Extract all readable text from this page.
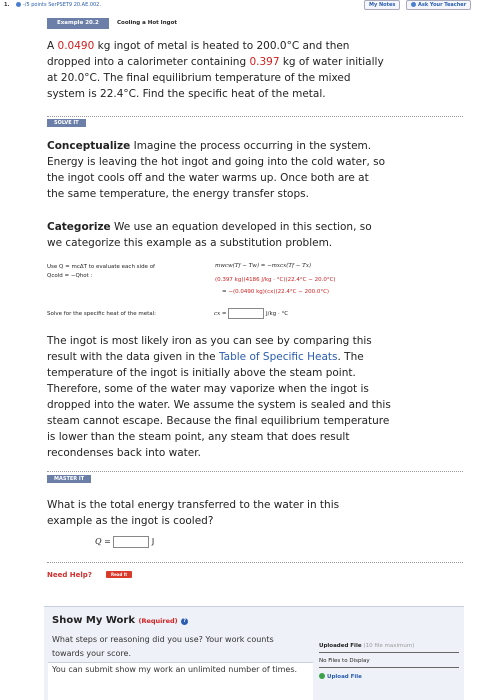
1.	-/5 points SerPSET9 20.AE.002.	My Notes	Ask Your Teacher
Example 20.2	Cooling a Hot Ingot
A 0.0490 kg ingot of metal is heated to 200.0°C and then dropped into a calorimeter containing 0.397 kg of water initially at 20.0°C. The final equilibrium temperature of the mixed system is 22.4°C. Find the specific heat of the metal.
SOLVE IT
Conceptualize Imagine the process occurring in the system. Energy is leaving the hot ingot and going into the cold water, so the ingot cools off and the water warms up. Once both are at the same temperature, the energy transfer stops.
Categorize We use an equation developed in this section, so we categorize this example as a substitution problem.
Use Q = mcΔT to evaluate each side of
Qcold = −Qhot :
mwcw(Tf − Tw) = −mxcx(Tf − Tx)
(0.397 kg)(4186 J/kg · °C)(22.4°C − 20.0°C)
= −(0.0490 kg)(cx)(22.4°C − 200.0°C)
Solve for the specific heat of the metal:	cx =	J/kg · °C
The ingot is most likely iron as you can see by comparing this result with the data given in the Table of Specific Heats. The temperature of the ingot is initially above the steam point. Therefore, some of the water may vaporize when the ingot is dropped into the water. We assume the system is sealed and this steam cannot escape. Because the final equilibrium temperature is lower than the steam point, any steam that does result recondenses back into water.
MASTER IT
What is the total energy transferred to the water in this example as the ingot is cooled?
Q =	J
Need Help?	Read It
Show My Work (Required) ?
What steps or reasoning did you use? Your work counts towards your score.
You can submit show my work an unlimited number of times.
Uploaded File (10 file maximum)
No Files to Display
Upload File
